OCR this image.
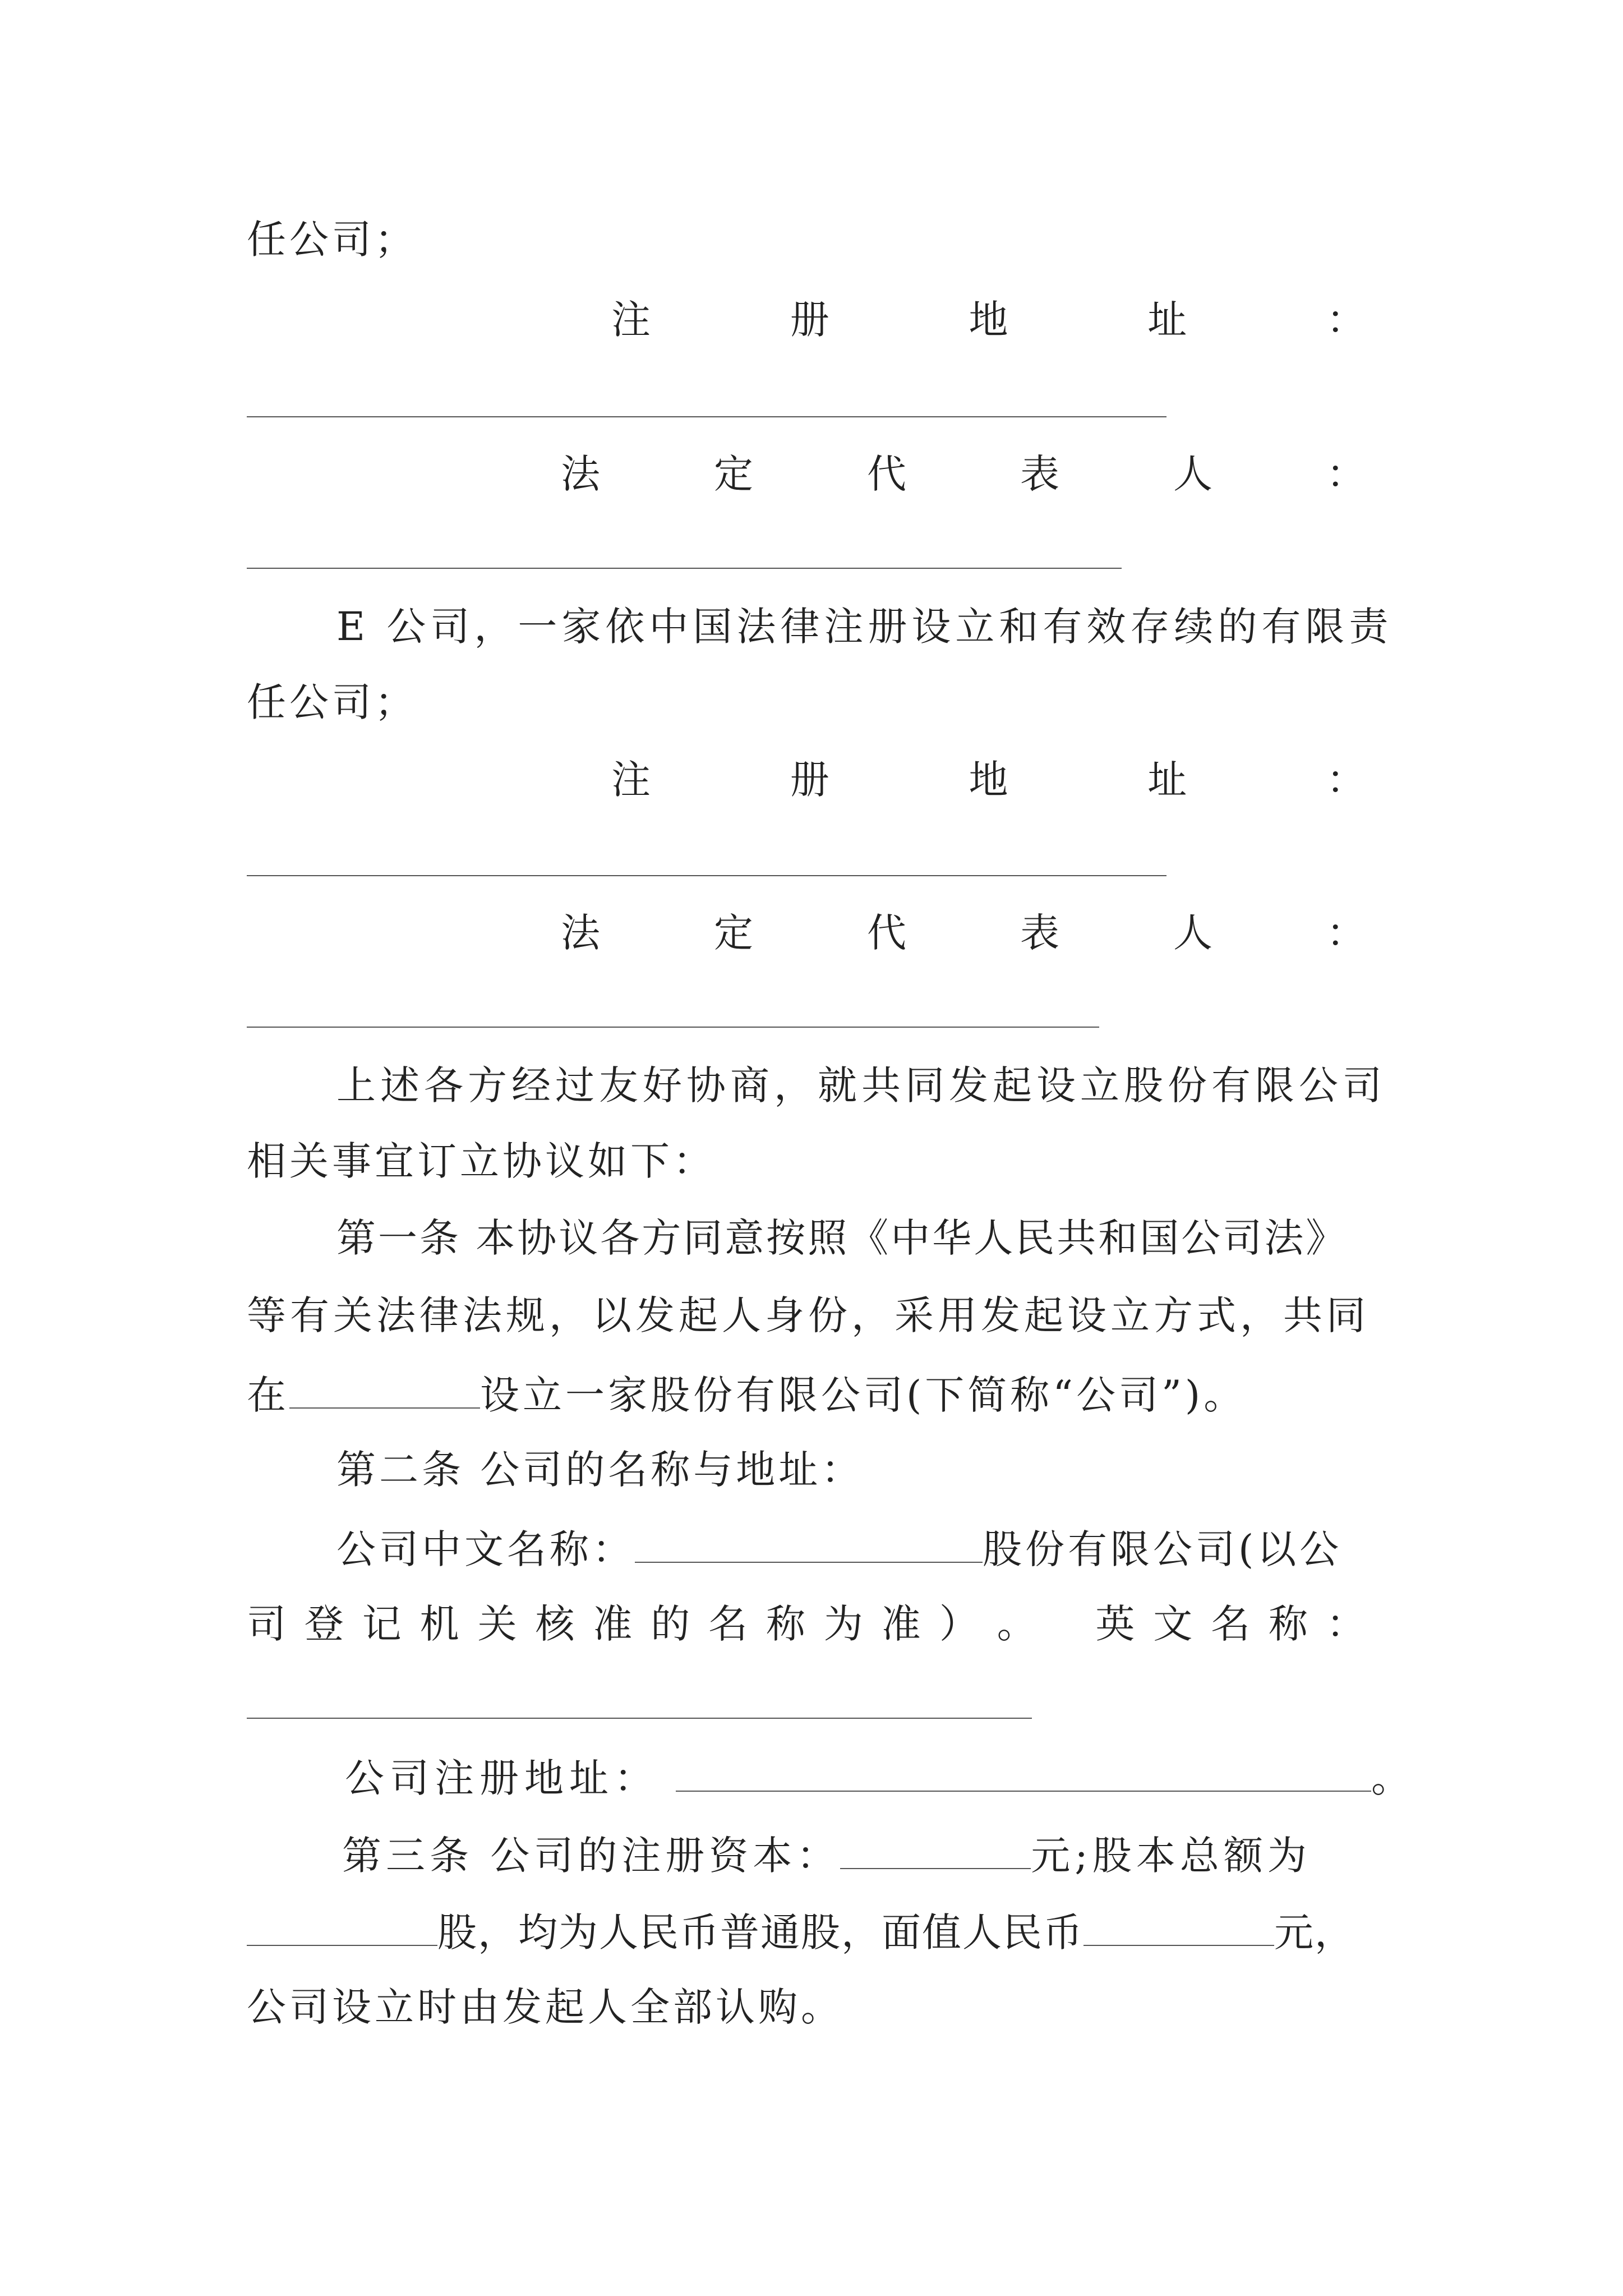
任公司；
注	册	地	址	：
法	定	代	表	人	：
E 公司，一家依中国法律注册设立和有效存续的有限责
任公司；
注	册	地	址	：
法	定	代	表	人	：
上述各方经过友好协商，就共同发起设立股份有限公司
相关事宜订立协议如下：
第一条 本协议各方同意按照《中华人民共和国公司法》
等有关法律法规，以发起人身份，采用发起设立方式，共同
在	设立一家股份有限公司(下简称“公司”)。
第二条 公司的名称与地址：
公司中文名称：	股份有限公司(以公
司 登 记 机 关 核 准 的 名 称 为 准 ） 。 英 文 名 称 ：
公司注册地址：	。
第三条 公司的注册资本：	元;股本总额为
股，均为人民币普通股，面值人民币	元，
公司设立时由发起人全部认购。
